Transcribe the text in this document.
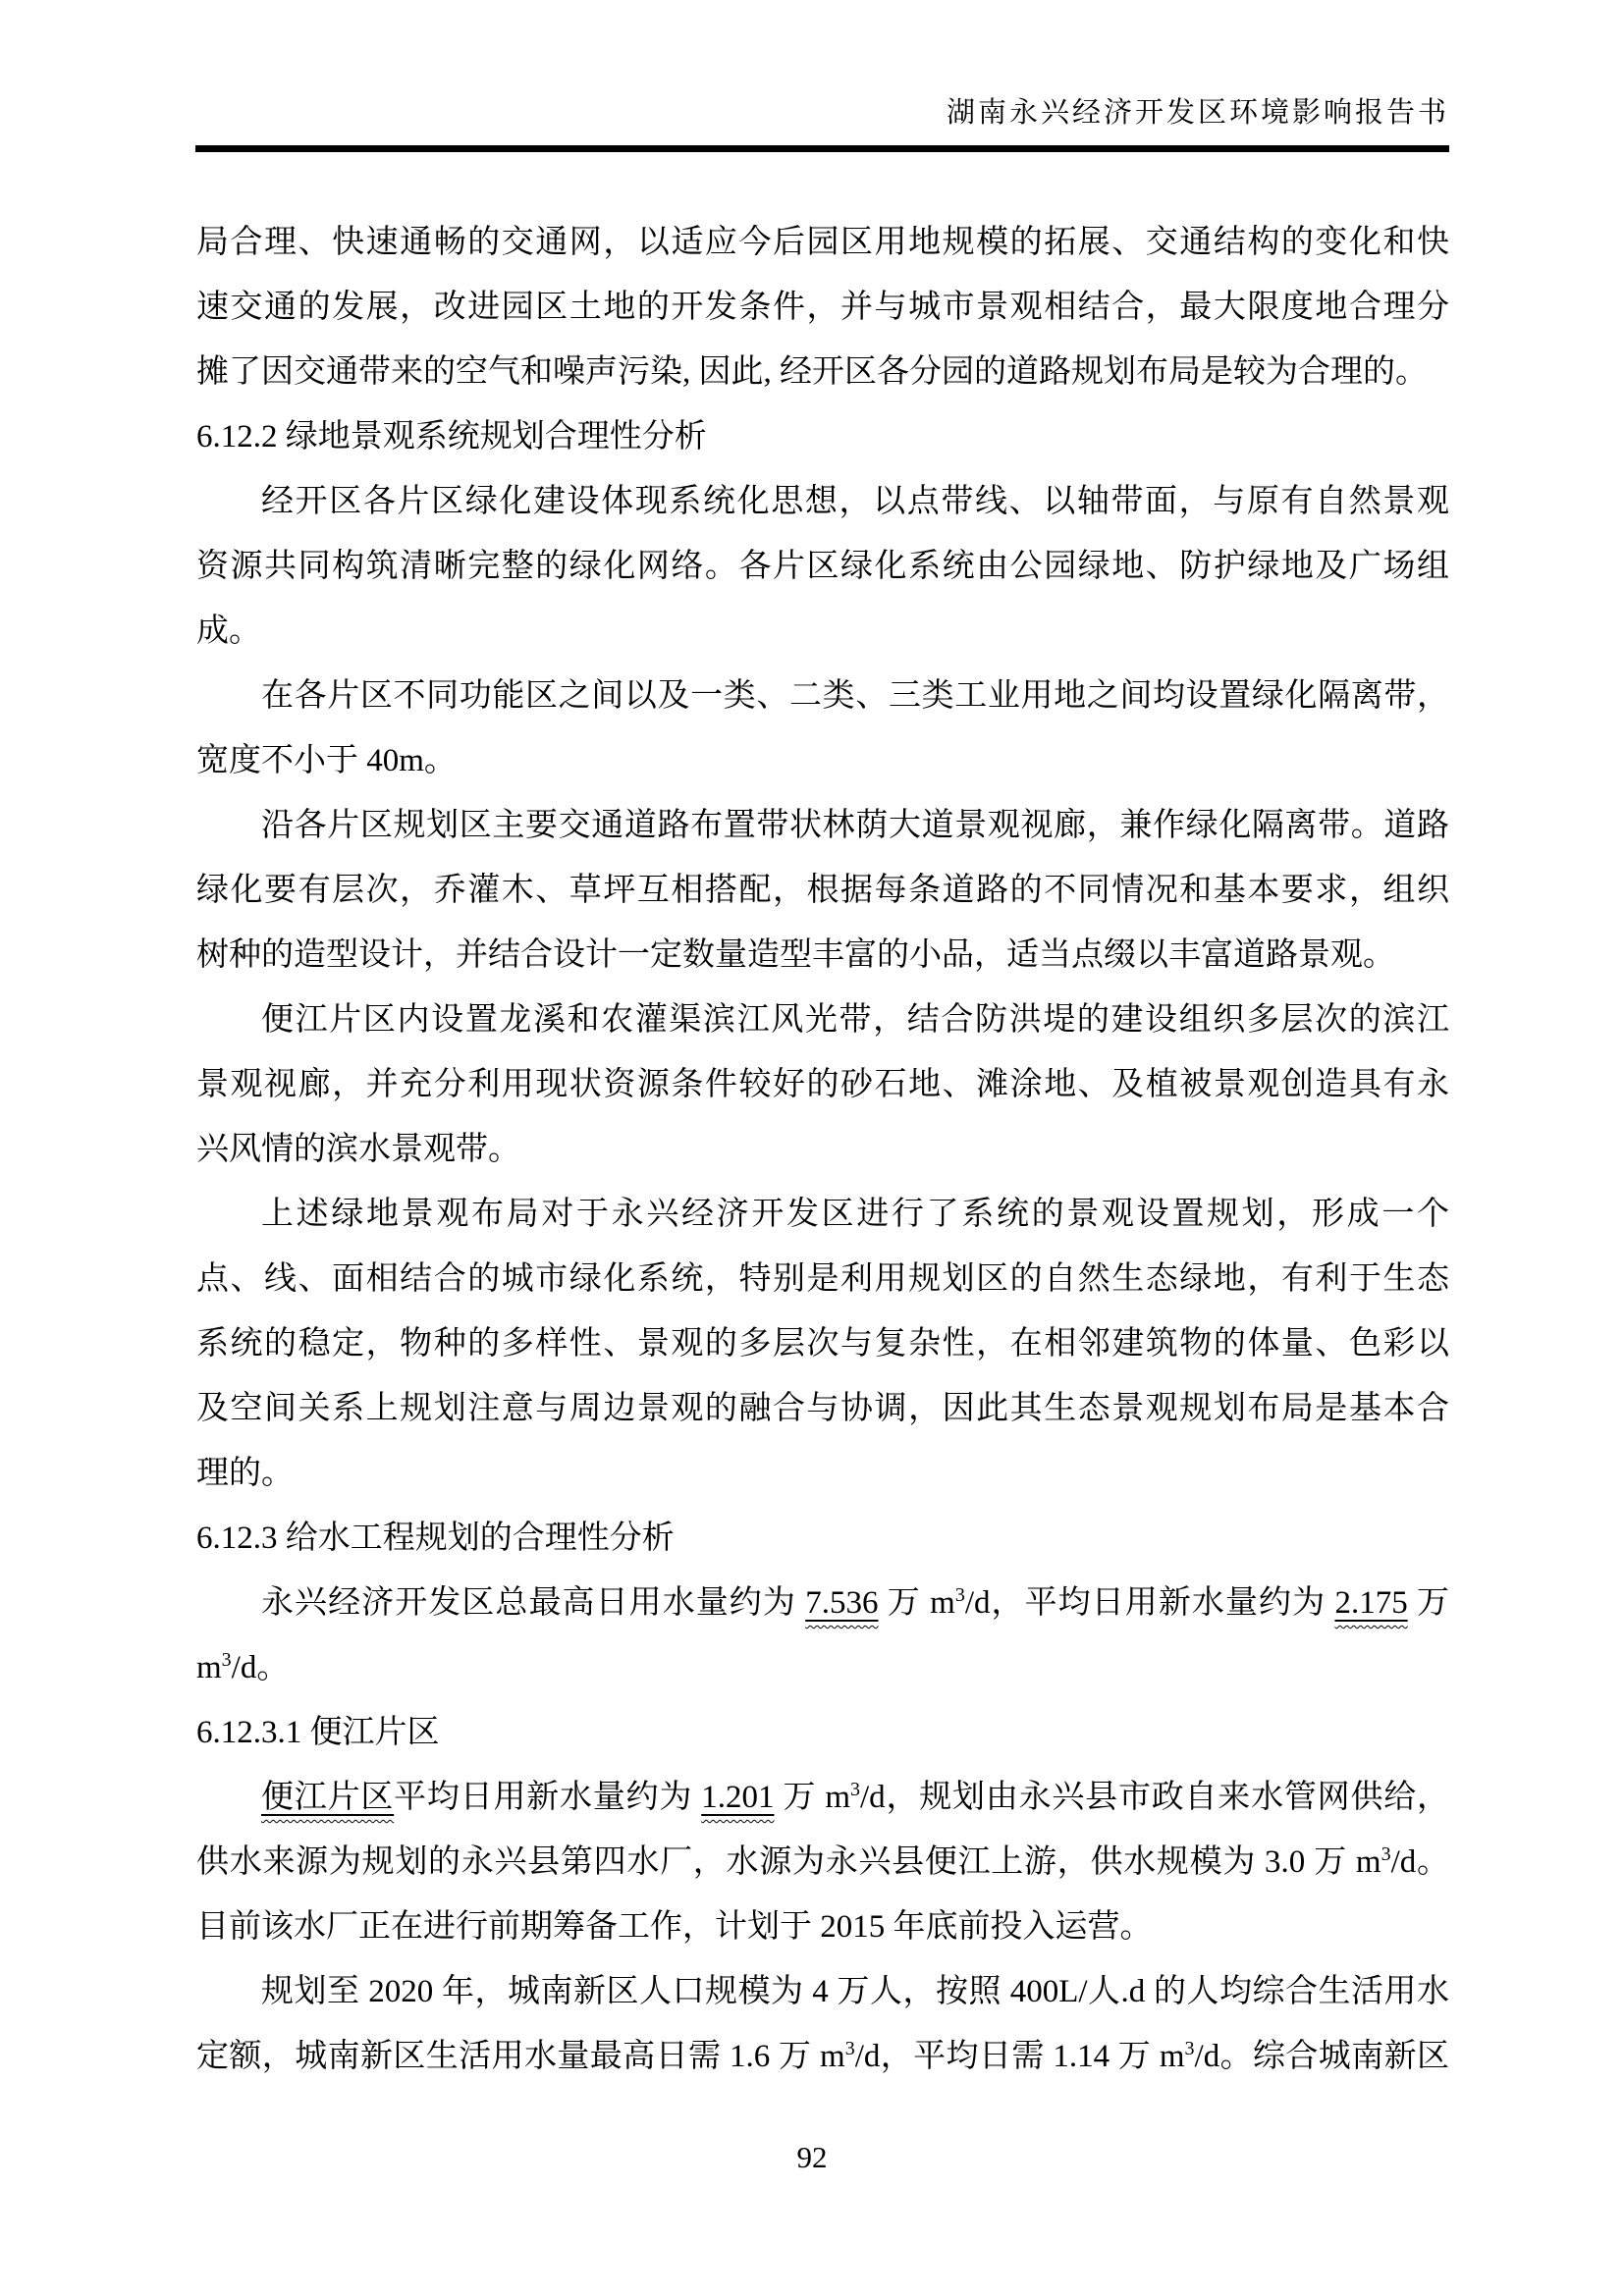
湖南永兴经济开发区环境影响报告书
局合理、快速通畅的交通网，以适应今后园区用地规模的拓展、交通结构的变化和快
速交通的发展，改进园区土地的开发条件，并与城市景观相结合，最大限度地合理分
摊了因交通带来的空气和噪声污染, 因此, 经开区各分园的道路规划布局是较为合理的。
6.12.2 绿地景观系统规划合理性分析
经开区各片区绿化建设体现系统化思想，以点带线、以轴带面，与原有自然景观
资源共同构筑清晰完整的绿化网络。各片区绿化系统由公园绿地、防护绿地及广场组
成。
在各片区不同功能区之间以及一类、二类、三类工业用地之间均设置绿化隔离带，
宽度不小于 40m。
沿各片区规划区主要交通道路布置带状林荫大道景观视廊，兼作绿化隔离带。道路
绿化要有层次，乔灌木、草坪互相搭配，根据每条道路的不同情况和基本要求，组织
树种的造型设计，并结合设计一定数量造型丰富的小品，适当点缀以丰富道路景观。
便江片区内设置龙溪和农灌渠滨江风光带，结合防洪堤的建设组织多层次的滨江
景观视廊，并充分利用现状资源条件较好的砂石地、滩涂地、及植被景观创造具有永
兴风情的滨水景观带。
上述绿地景观布局对于永兴经济开发区进行了系统的景观设置规划，形成一个
点、线、面相结合的城市绿化系统，特别是利用规划区的自然生态绿地，有利于生态
系统的稳定，物种的多样性、景观的多层次与复杂性，在相邻建筑物的体量、色彩以
及空间关系上规划注意与周边景观的融合与协调，因此其生态景观规划布局是基本合
理的。
6.12.3 给水工程规划的合理性分析
永兴经济开发区总最高日用水量约为 7.536 万 $m^3/d$，平均日用新水量约为 2.175 万
$m^3/d$。
6.12.3.1 便江片区
便江片区平均日用新水量约为 1.201 万 $m^3/d$，规划由永兴县市政自来水管网供给，
供水来源为规划的永兴县第四水厂，水源为永兴县便江上游，供水规模为 3.0 万 $m^3/d$。
目前该水厂正在进行前期筹备工作，计划于 2015 年底前投入运营。
规划至 2020 年，城南新区人口规模为 4 万人，按照 400L/人.d 的人均综合生活用水
定额，城南新区生活用水量最高日需 1.6 万 $m^3/d$，平均日需 1.14 万 $m^3/d$。综合城南新区
92
